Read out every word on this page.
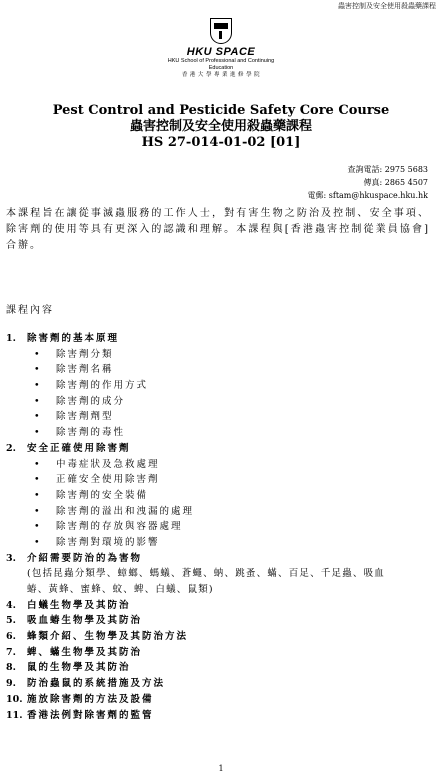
蟲害控制及安全使用殺蟲藥課程
HKU SPACE
HKU School of Professional and Continuing Education
香 港 大 學 專 業 進 修 學 院
Pest Control and Pesticide Safety Core Course
蟲害控制及安全使用殺蟲藥課程
HS 27-014-01-02 [01]
查詢電話: 2975 5683
傳真: 2865 4507
電郵: sftam@hkuspace.hku.hk
本課程旨在讓從事滅蟲服務的工作人士，對有害生物之防治及控制、安全事項、除害劑的使用等具有更深入的認識和理解。本課程與[香港蟲害控制從業員協會]合辦。
課程內容
1. 除害劑的基本原理
• 除害劑分類
• 除害劑名稱
• 除害劑的作用方式
• 除害劑的成分
• 除害劑劑型
• 除害劑的毒性
2. 安全正確使用除害劑
• 中毒症狀及急救處理
• 正確安全使用除害劑
• 除害劑的安全裝備
• 除害劑的溢出和洩漏的處理
• 除害劑的存放與容器處理
• 除害劑對環境的影響
3. 介紹需要防治的為害物
(包括昆蟲分類學、蟑螂、螞蟻、蒼蠅、蚋、跳蚤、蟎、百足、千足蟲、吸血
蝽、黃蜂、蜜蜂、蚊、蜱、白蟻、鼠類)
4. 白蟻生物學及其防治
5. 吸血蝽生物學及其防治
6. 蜂類介紹、生物學及其防治方法
7. 蜱、蟎生物學及其防治
8. 鼠的生物學及其防治
9. 防治蟲鼠的系統措施及方法
10. 施放除害劑的方法及設備
11. 香港法例對除害劑的監管
1
